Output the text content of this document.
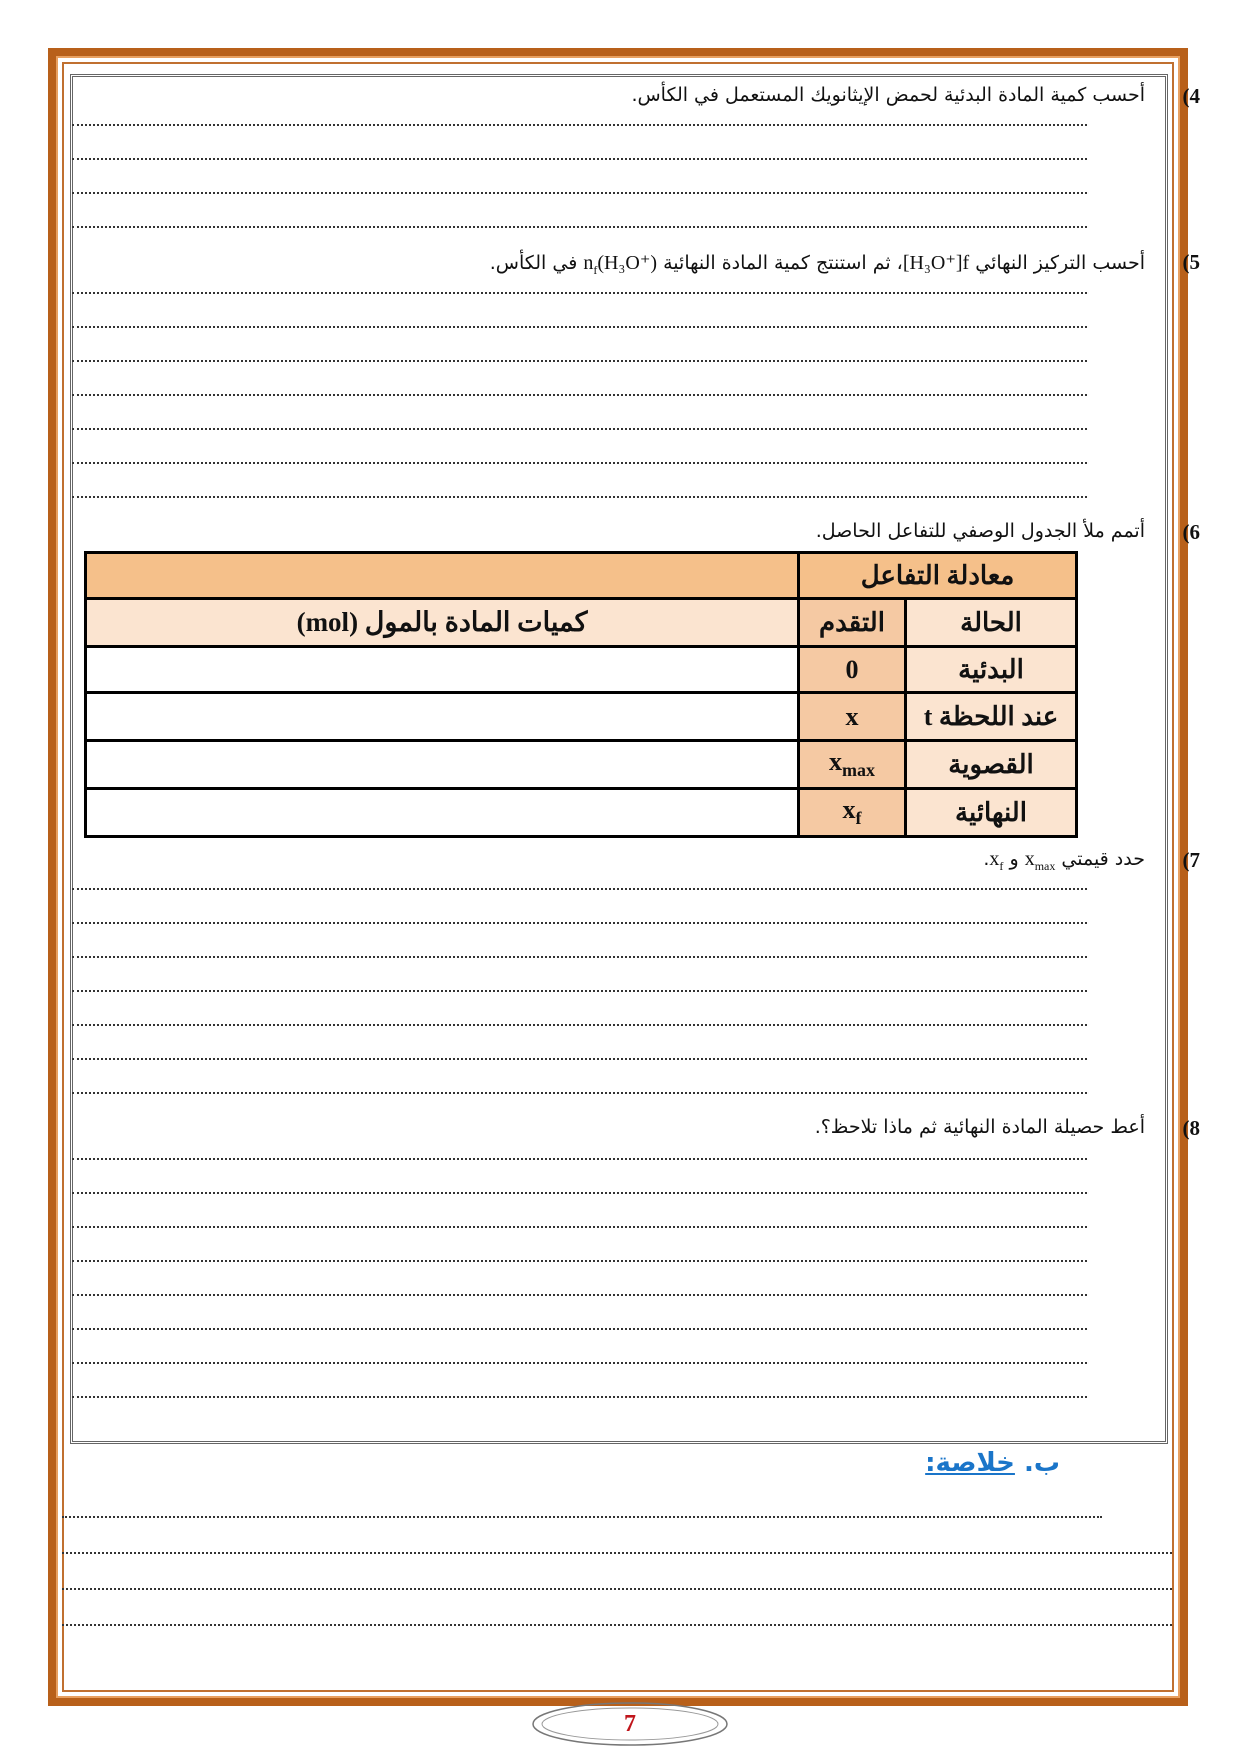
(4
أحسب كمية المادة البدئية لحمض الإيثانويك المستعمل في الكأس.
(5
أحسب التركيز النهائي [H₃O⁺]f، ثم استنتج كمية المادة النهائية $n_f(H_3O^+)$ في الكأس.
(6
أتمم ملأ الجدول الوصفي للتفاعل الحاصل.
معادلة التفاعل		
الحالة	التقدم	كميات المادة بالمول (mol)
البدئية	0	
عند اللحظة t	x	
القصوية	$x_{max}$	
النهائية	$x_f$	
(7
حدد قيمتي $x_{max}$ و $x_f$.
(8
أعط حصيلة المادة النهائية ثم ماذا تلاحظ؟.
ب. خلاصة:
7
